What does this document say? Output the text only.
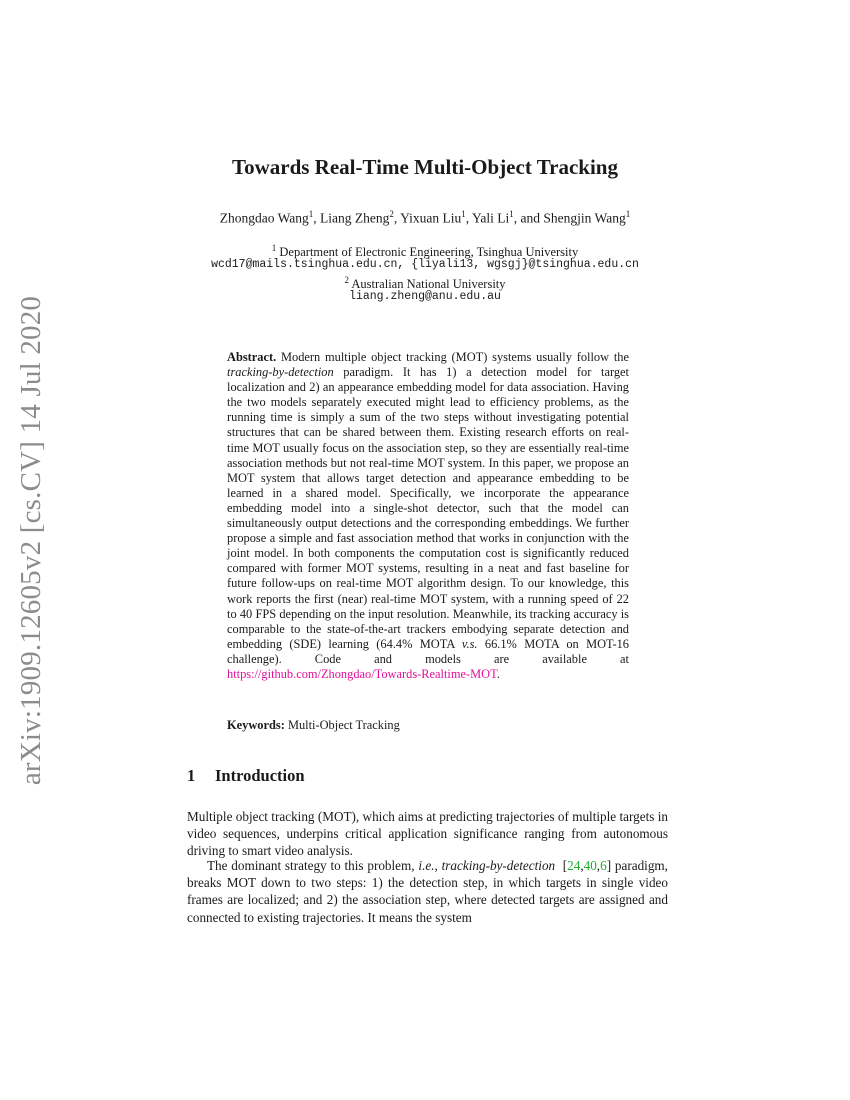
arXiv:1909.12605v2 [cs.CV] 14 Jul 2020
Towards Real-Time Multi-Object Tracking
Zhongdao Wang$^1$, Liang Zheng$^2$, Yixuan Liu$^1$, Yali Li$^1$, and Shengjin Wang$^1$
$^1$ Department of Electronic Engineering, Tsinghua University
wcd17@mails.tsinghua.edu.cn, {liyali13, wgsgj}@tsinghua.edu.cn
$^2$ Australian National University
liang.zheng@anu.edu.au
Abstract. Modern multiple object tracking (MOT) systems usually follow the tracking-by-detection paradigm. It has 1) a detection model for target localization and 2) an appearance embedding model for data association. Having the two models separately executed might lead to efficiency problems, as the running time is simply a sum of the two steps without investigating potential structures that can be shared between them. Existing research efforts on real-time MOT usually focus on the association step, so they are essentially real-time association methods but not real-time MOT system. In this paper, we propose an MOT system that allows target detection and appearance embedding to be learned in a shared model. Specifically, we incorporate the appearance embedding model into a single-shot detector, such that the model can simultaneously output detections and the corresponding embeddings. We further propose a simple and fast association method that works in conjunction with the joint model. In both components the computation cost is significantly reduced compared with former MOT systems, resulting in a neat and fast baseline for future follow-ups on real-time MOT algorithm design. To our knowledge, this work reports the first (near) real-time MOT system, with a running speed of 22 to 40 FPS depending on the input resolution. Meanwhile, its tracking accuracy is comparable to the state-of-the-art trackers embodying separate detection and embedding (SDE) learning (64.4% MOTA v.s. 66.1% MOTA on MOT-16 challenge). Code and models are available at https://github.com/Zhongdao/Towards-Realtime-MOT.
Keywords: Multi-Object Tracking
1 Introduction
Multiple object tracking (MOT), which aims at predicting trajectories of multiple targets in video sequences, underpins critical application significance ranging from autonomous driving to smart video analysis.
The dominant strategy to this problem, i.e., tracking-by-detection  [24,40,6] paradigm, breaks MOT down to two steps: 1) the detection step, in which targets in single video frames are localized; and 2) the association step, where detected targets are assigned and connected to existing trajectories. It means the system
